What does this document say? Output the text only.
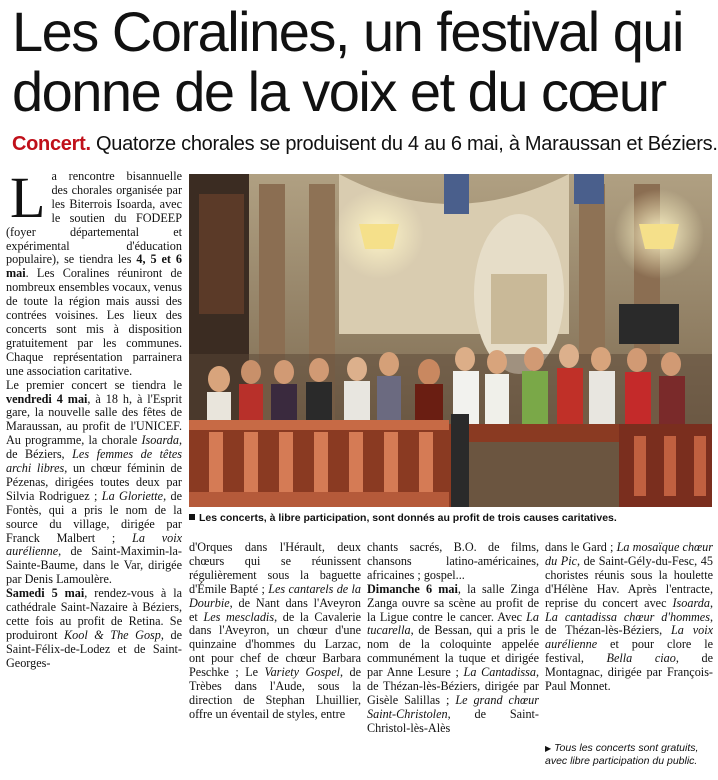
Les Coralines, un festival qui
donne de la voix et du cœur
Concert. Quatorze chorales se produisent du 4 au 6 mai, à Maraussan et Béziers.
L a rencontre bisannuelle des chorales organisée par les Biterrois Isoarda, avec le soutien du FODEEP (foyer départemental et expérimental d'éducation populaire), se tiendra les 4, 5 et 6 mai. Les Coralines réuniront de nombreux ensembles vocaux, venus de toute la région mais aussi des contrées voisines. Les lieux des concerts sont mis à disposition gratuitement par les communes. Chaque représentation parrainera une association caritative.
Le premier concert se tiendra le vendredi 4 mai, à 18 h, à l'Esprit gare, la nouvelle salle des fêtes de Maraussan, au profit de l'UNICEF. Au programme, la chorale Isoarda, de Béziers, Les femmes de têtes archi libres, un chœur féminin de Pézenas, dirigées toutes deux par Silvia Rodriguez ; La Gloriette, de Fontès, qui a pris le nom de la source du village, dirigée par Franck Malbert ; La voix aurélienne, de Saint-Maximin-la-Sainte-Baume, dans le Var, dirigée par Denis Lamoulère.
Samedi 5 mai, rendez-vous à la cathédrale Saint-Nazaire à Béziers, cette fois au profit de Retina. Se produiront Kool & The Gosp, de Saint-Félix-de-Lodez et de Saint-Georges-
Les concerts, à libre participation, sont donnés au profit de trois causes caritatives.
d'Orques dans l'Hérault, deux chœurs qui se réunissent régulièrement sous la baguette d'Émile Bapté ; Les cantarels de la Dourbie, de Nant dans l'Aveyron et Les mescladis, de la Cavalerie dans l'Aveyron, un chœur d'une quinzaine d'hommes du Larzac, ont pour chef de chœur Barbara Peschke ; Le Variety Gospel, de Trèbes dans l'Aude, sous la direction de Stephan Lhuillier, offre un éventail de styles, entre
chants sacrés, B.O. de films, chansons latino-américaines, africaines ; gospel...
Dimanche 6 mai, la salle Zinga Zanga ouvre sa scène au profit de la Ligue contre le cancer. Avec La tucarella, de Bessan, qui a pris le nom de la coloquinte appelée communément la tuque et dirigée par Anne Lesure ; La Cantadissa, de Thézan-lès-Béziers, dirigée par Gisèle Salillas ; Le grand chœur Saint-Christolen, de Saint-Christol-lès-Alès
dans le Gard ; La mosaïque chœur du Pic, de Saint-Gély-du-Fesc, 45 choristes réunis sous la houlette d'Hélène Hav. Après l'entracte, reprise du concert avec Isoarda, La cantadissa chœur d'hommes, de Thézan-lès-Béziers, La voix aurélienne et pour clore le festival, Bella ciao, de Montagnac, dirigée par François-Paul Monnet.
▶ Tous les concerts sont gratuits, avec libre participation du public.
